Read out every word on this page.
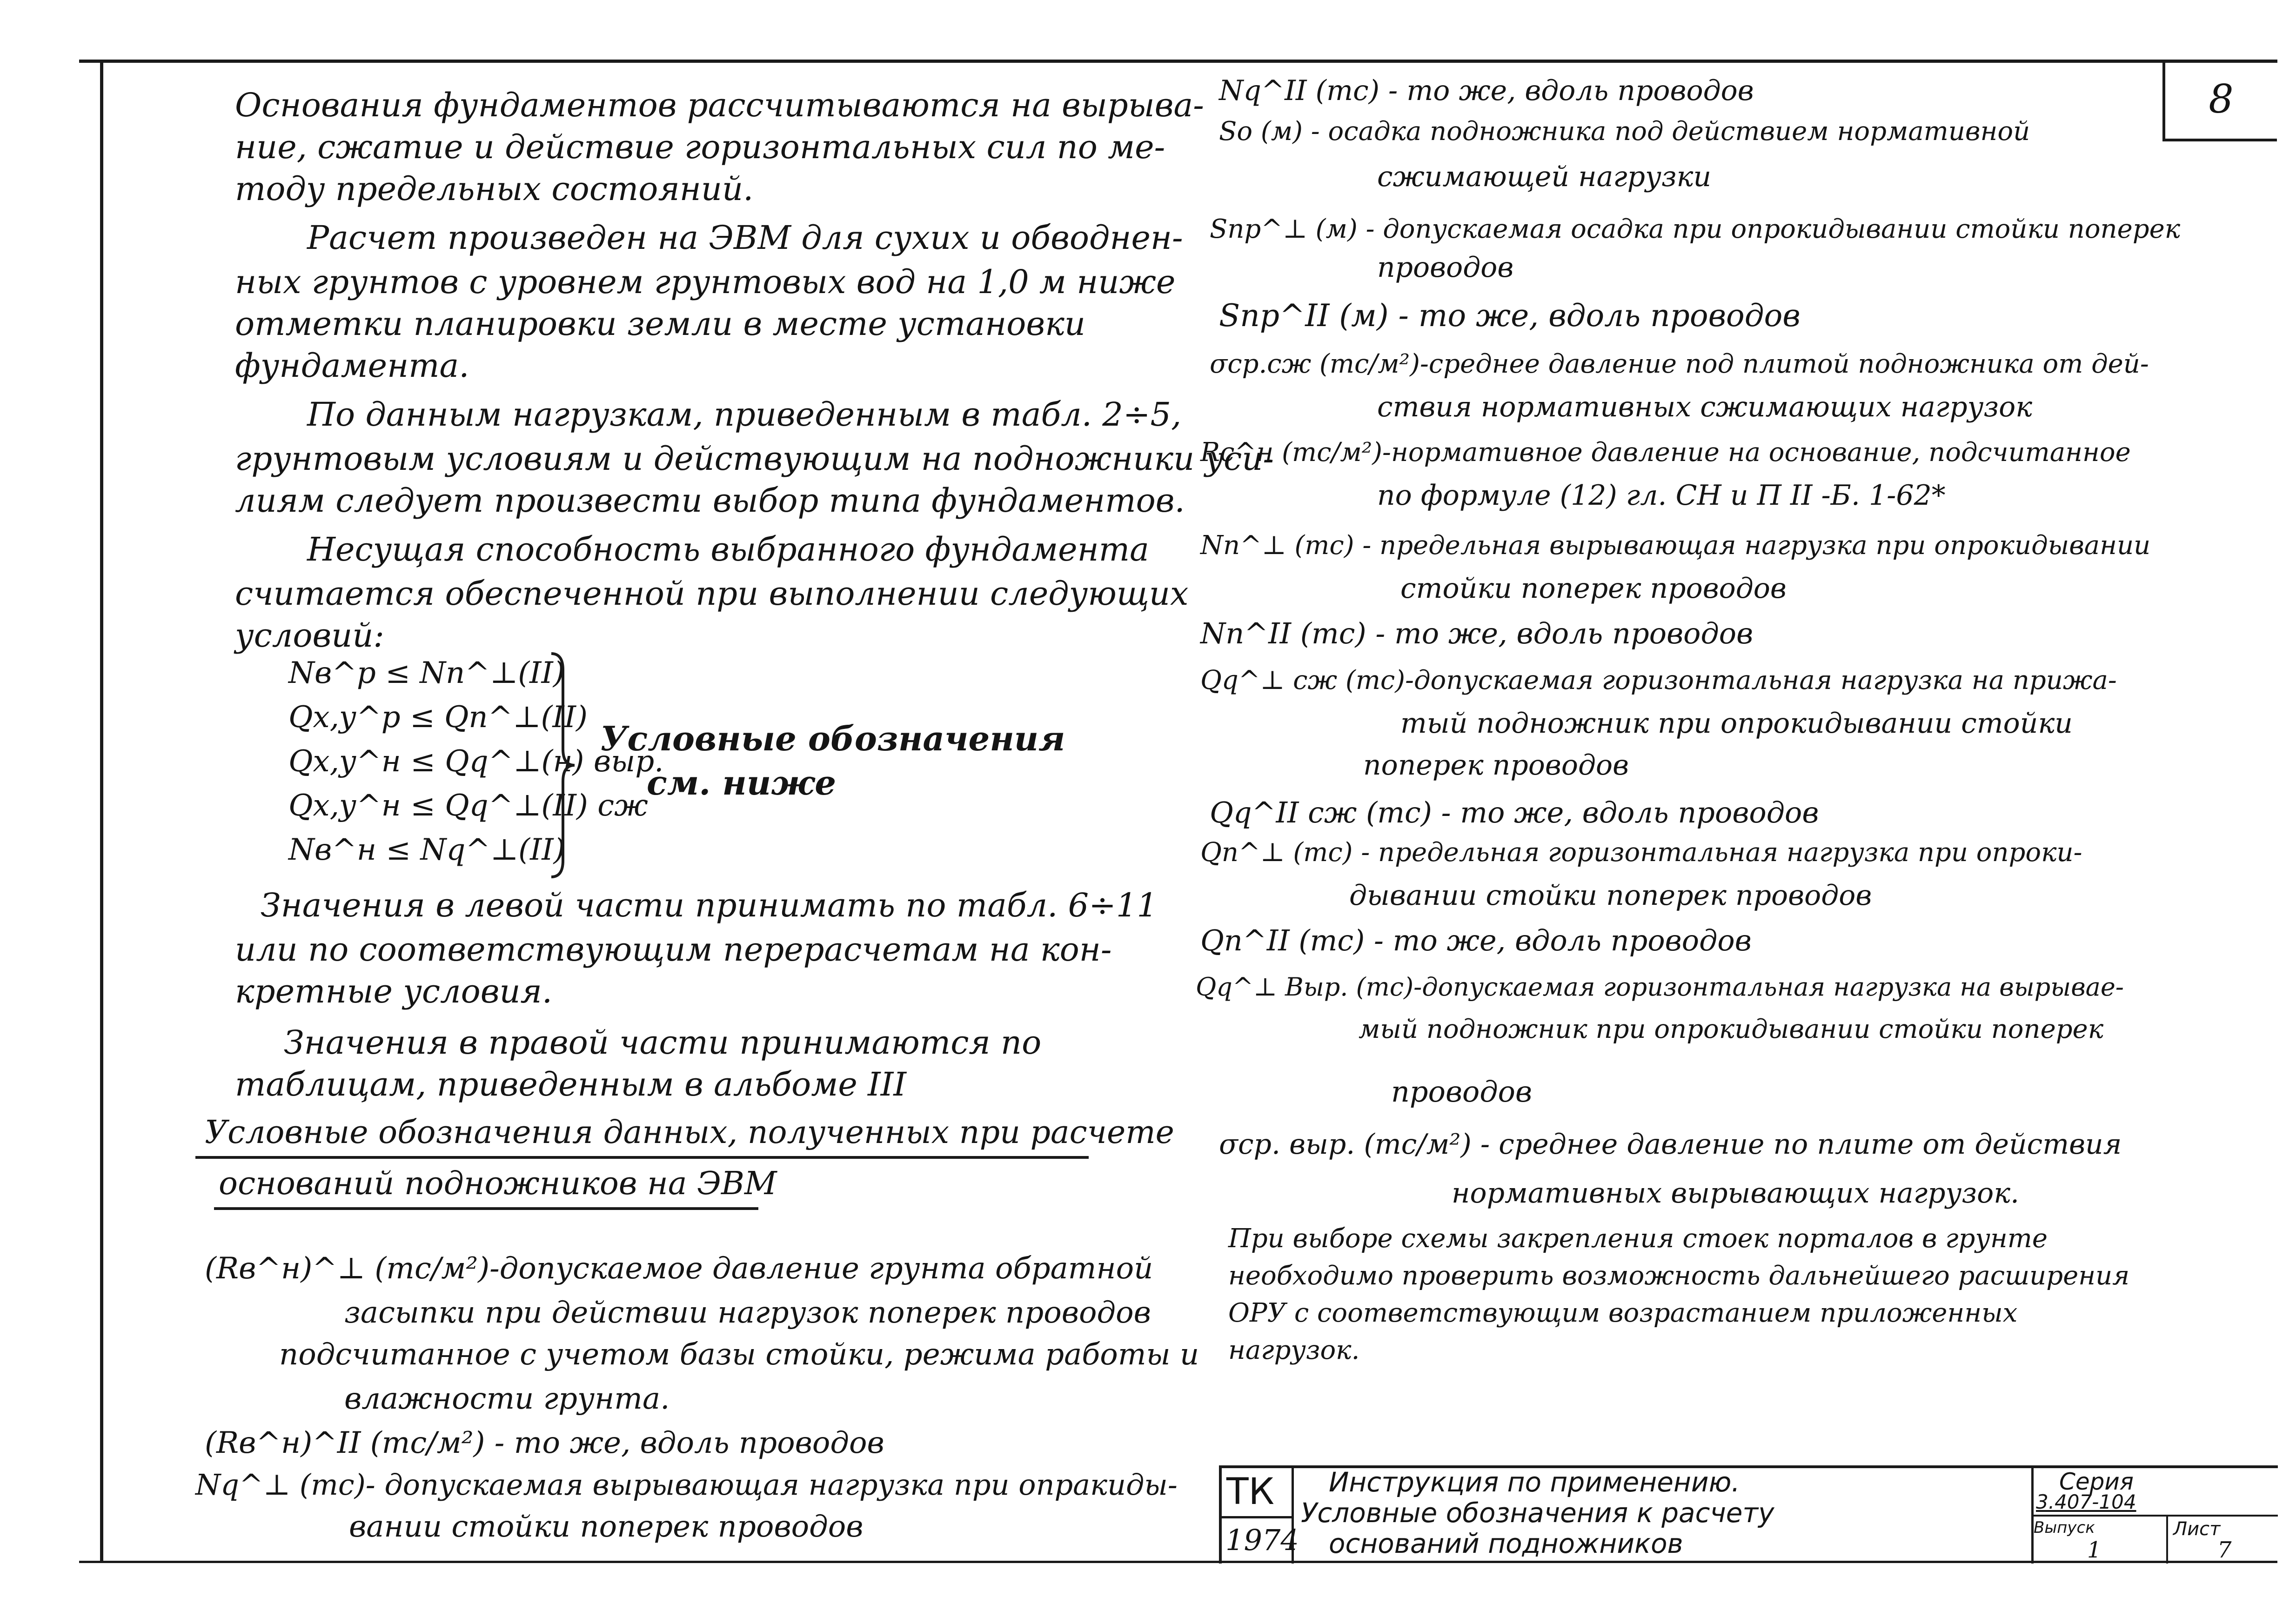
8
Основания фундаментов рассчитываются на вырыва-
ние, сжатие и действие горизонтальных сил по ме-
тоду предельных состояний.
Расчет произведен на ЭВМ для сухих и обводнен-
ных грунтов с уровнем грунтовых вод на 1,0 м ниже
отметки планировки земли в месте установки
фундамента.
По данным нагрузкам, приведенным в табл. 2÷5,
грунтовым условиям и действующим на подножники уси-
лиям следует произвести выбор типа фундаментов.
Несущая способность выбранного фундамента
считается обеспеченной при выполнении следующих
условий:
Nв^р ≤ Nп^⊥(II)
Qх,у^р ≤ Qп^⊥(II)
Qх,у^н ≤ Qq^⊥(н) выр.
Qх,у^н ≤ Qq^⊥(II) сж
Nв^н ≤ Nq^⊥(II)
Условные обозначения
см. ниже
Значения в левой части принимать по табл. 6÷11
или по соответствующим перерасчетам на кон-
кретные условия.
Значения в правой части принимаются по
таблицам, приведенным в альбоме III
Условные обозначения данных, полученных при расчете
оснований подножников на ЭВМ
(Rв^н)^⊥ (тс/м²)-допускаемое давление грунта обратной
засыпки при действии нагрузок поперек проводов
подсчитанное с учетом базы стойки, режима работы и
влажности грунта.
(Rв^н)^II (тс/м²) - то же, вдоль проводов
Nq^⊥ (тс)- допускаемая вырывающая нагрузка при опракиды-
вании стойки поперек проводов
Nq^II (тс) - то же, вдоль проводов
So (м) - осадка подножника под действием нормативной
сжимающей нагрузки
Sпр^⊥ (м) - допускаемая осадка при опрокидывании стойки поперек
проводов
Sпр^II (м) - то же, вдоль проводов
σср.сж (тс/м²)-среднее давление под плитой подножника от дей-
ствия нормативных сжимающих нагрузок
Rс^н (тс/м²)-нормативное давление на основание, подсчитанное
по формуле (12) гл. СН и П II -Б. 1-62*
Nп^⊥ (тс) - предельная вырывающая нагрузка при опрокидывании
стойки поперек проводов
Nп^II (тс) - то же, вдоль проводов
Qq^⊥ сж (тс)-допускаемая горизонтальная нагрузка на прижа-
тый подножник при опрокидывании стойки
поперек проводов
Qq^II сж (тс) - то же, вдоль проводов
Qп^⊥ (тс) - предельная горизонтальная нагрузка при опроки-
дывании стойки поперек проводов
Qп^II (тс) - то же, вдоль проводов
Qq^⊥ Выр. (тс)-допускаемая горизонтальная нагрузка на вырывае-
мый подножник при опрокидывании стойки поперек
проводов
σср. выр. (тс/м²) - среднее давление по плите от действия
нормативных вырывающих нагрузок.
При выборе схемы закрепления стоек порталов в грунте
необходимо проверить возможность дальнейшего расширения
ОРУ с соответствующим возрастанием приложенных
нагрузок.
ТК
1974
Инструкция по применению.
Условные обозначения к расчету
оснований подножников
Серия
3.407-104
Выпуск
1
Лист
7
